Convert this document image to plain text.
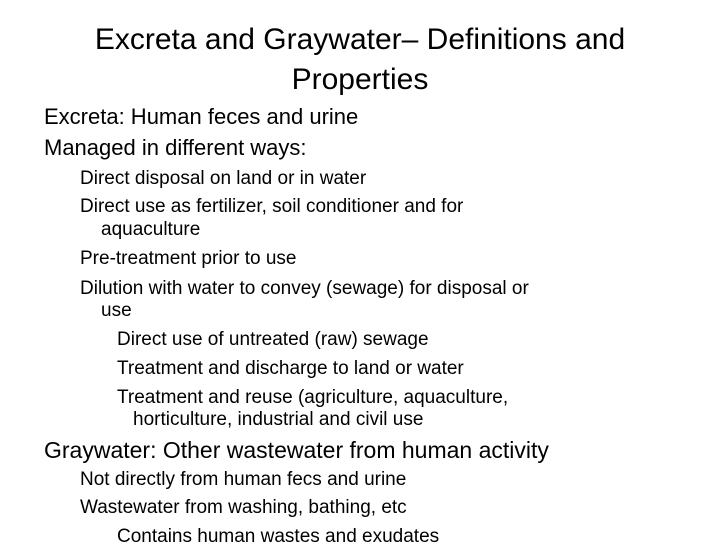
Excreta and Graywater– Definitions and
Properties
Excreta: Human feces and urine
Managed in different ways:
Direct disposal on land or in water
Direct use as fertilizer, soil conditioner and for
aquaculture
Pre-treatment prior to use
Dilution with water to convey (sewage) for disposal or
use
Direct use of untreated (raw) sewage
Treatment and discharge to land or water
Treatment and reuse (agriculture, aquaculture,
horticulture, industrial and civil use
Graywater: Other wastewater from human activity
Not directly from human fecs and urine
Wastewater from washing, bathing, etc
Contains human wastes and exudates
